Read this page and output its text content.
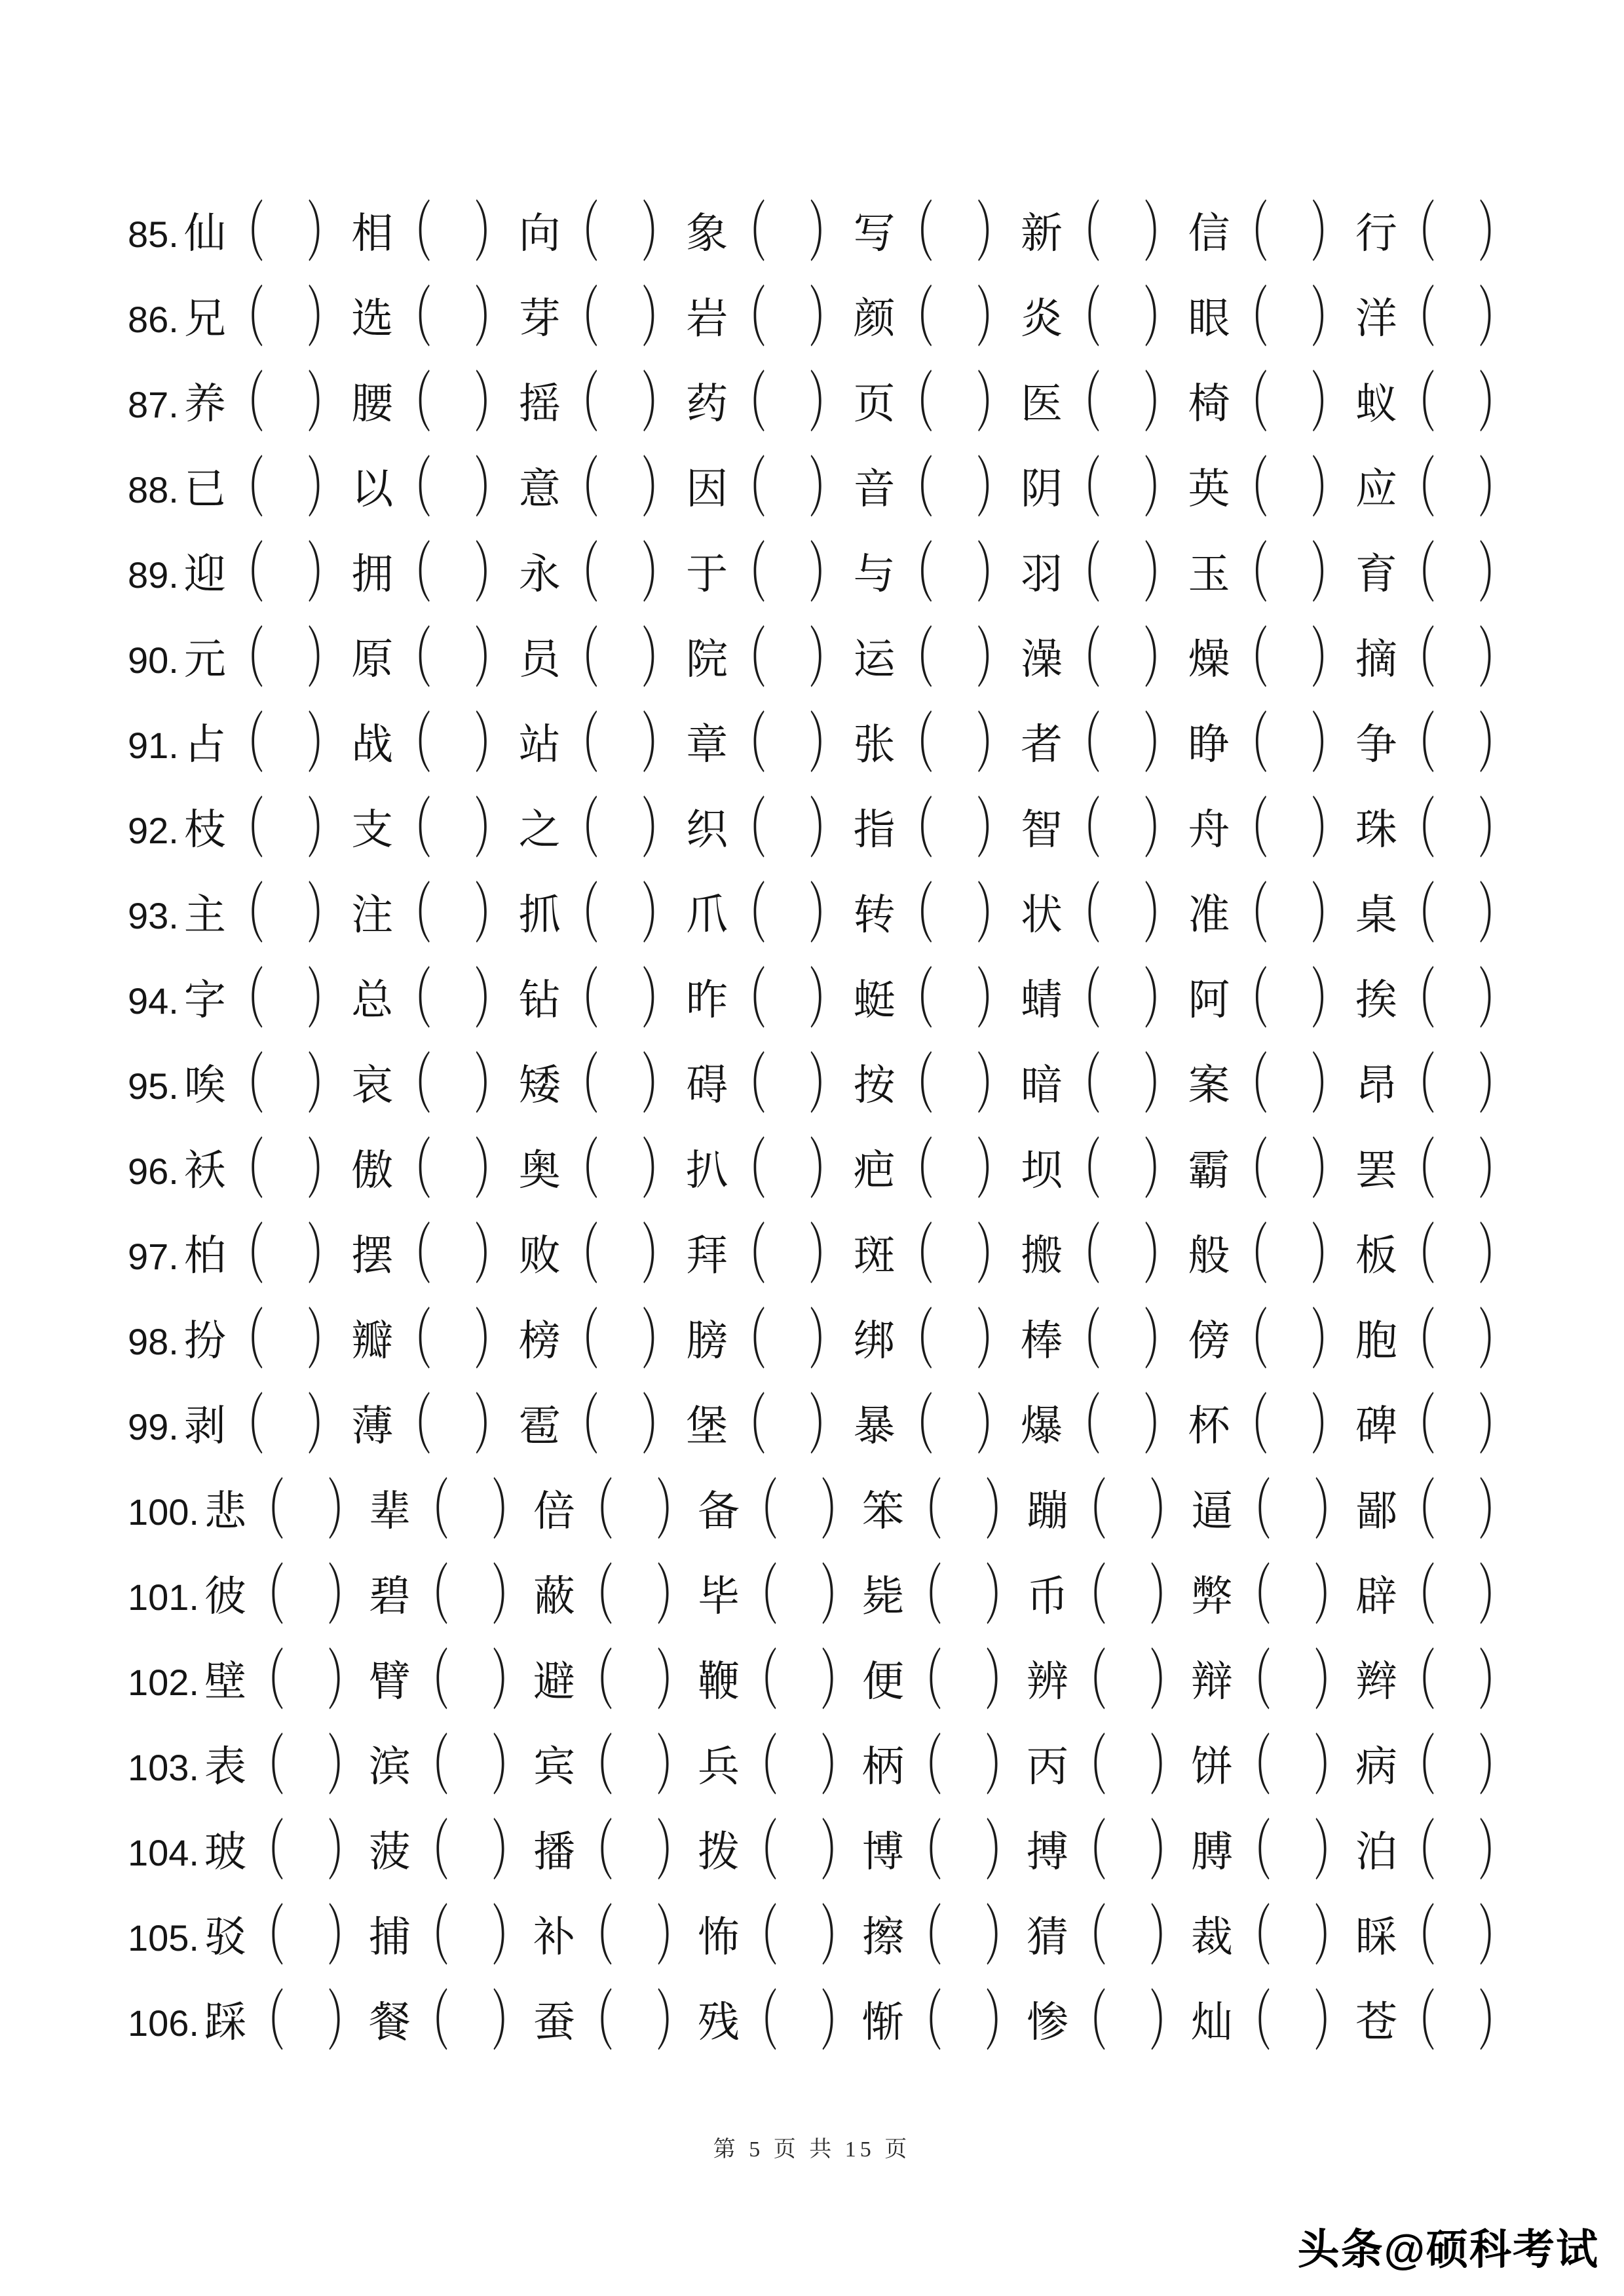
85. 仙 （ ） 相 （ ） 向 （ ） 象 （ ） 写 （ ） 新 （ ） 信 （ ） 行 （ ）
86. 兄 （ ） 选 （ ） 芽 （ ） 岩 （ ） 颜 （ ） 炎 （ ） 眼 （ ） 洋 （ ）
87. 养 （ ） 腰 （ ） 摇 （ ） 药 （ ） 页 （ ） 医 （ ） 椅 （ ） 蚁 （ ）
88. 已 （ ） 以 （ ） 意 （ ） 因 （ ） 音 （ ） 阴 （ ） 英 （ ） 应 （ ）
89. 迎 （ ） 拥 （ ） 永 （ ） 于 （ ） 与 （ ） 羽 （ ） 玉 （ ） 育 （ ）
90. 元 （ ） 原 （ ） 员 （ ） 院 （ ） 运 （ ） 澡 （ ） 燥 （ ） 摘 （ ）
91. 占 （ ） 战 （ ） 站 （ ） 章 （ ） 张 （ ） 者 （ ） 睁 （ ） 争 （ ）
92. 枝 （ ） 支 （ ） 之 （ ） 织 （ ） 指 （ ） 智 （ ） 舟 （ ） 珠 （ ）
93. 主 （ ） 注 （ ） 抓 （ ） 爪 （ ） 转 （ ） 状 （ ） 准 （ ） 桌 （ ）
94. 字 （ ） 总 （ ） 钻 （ ） 昨 （ ） 蜓 （ ） 蜻 （ ） 阿 （ ） 挨 （ ）
95. 唉 （ ） 哀 （ ） 矮 （ ） 碍 （ ） 按 （ ） 暗 （ ） 案 （ ） 昂 （ ）
96. 袄 （ ） 傲 （ ） 奥 （ ） 扒 （ ） 疤 （ ） 坝 （ ） 霸 （ ） 罢 （ ）
97. 柏 （ ） 摆 （ ） 败 （ ） 拜 （ ） 斑 （ ） 搬 （ ） 般 （ ） 板 （ ）
98. 扮 （ ） 瓣 （ ） 榜 （ ） 膀 （ ） 绑 （ ） 棒 （ ） 傍 （ ） 胞 （ ）
99. 剥 （ ） 薄 （ ） 雹 （ ） 堡 （ ） 暴 （ ） 爆 （ ） 杯 （ ） 碑 （ ）
100. 悲 （ ） 辈 （ ） 倍 （ ） 备 （ ） 笨 （ ） 蹦 （ ） 逼 （ ） 鄙 （ ）
101. 彼 （ ） 碧 （ ） 蔽 （ ） 毕 （ ） 毙 （ ） 币 （ ） 弊 （ ） 辟 （ ）
102. 壁 （ ） 臂 （ ） 避 （ ） 鞭 （ ） 便 （ ） 辨 （ ） 辩 （ ） 辫 （ ）
103. 表 （ ） 滨 （ ） 宾 （ ） 兵 （ ） 柄 （ ） 丙 （ ） 饼 （ ） 病 （ ）
104. 玻 （ ） 菠 （ ） 播 （ ） 拨 （ ） 博 （ ） 搏 （ ） 膊 （ ） 泊 （ ）
105. 驳 （ ） 捕 （ ） 补 （ ） 怖 （ ） 擦 （ ） 猜 （ ） 裁 （ ） 睬 （ ）
106. 踩 （ ） 餐 （ ） 蚕 （ ） 残 （ ） 惭 （ ） 惨 （ ） 灿 （ ） 苍 （ ）
第 5 页 共 15 页
头条@硕科考试
